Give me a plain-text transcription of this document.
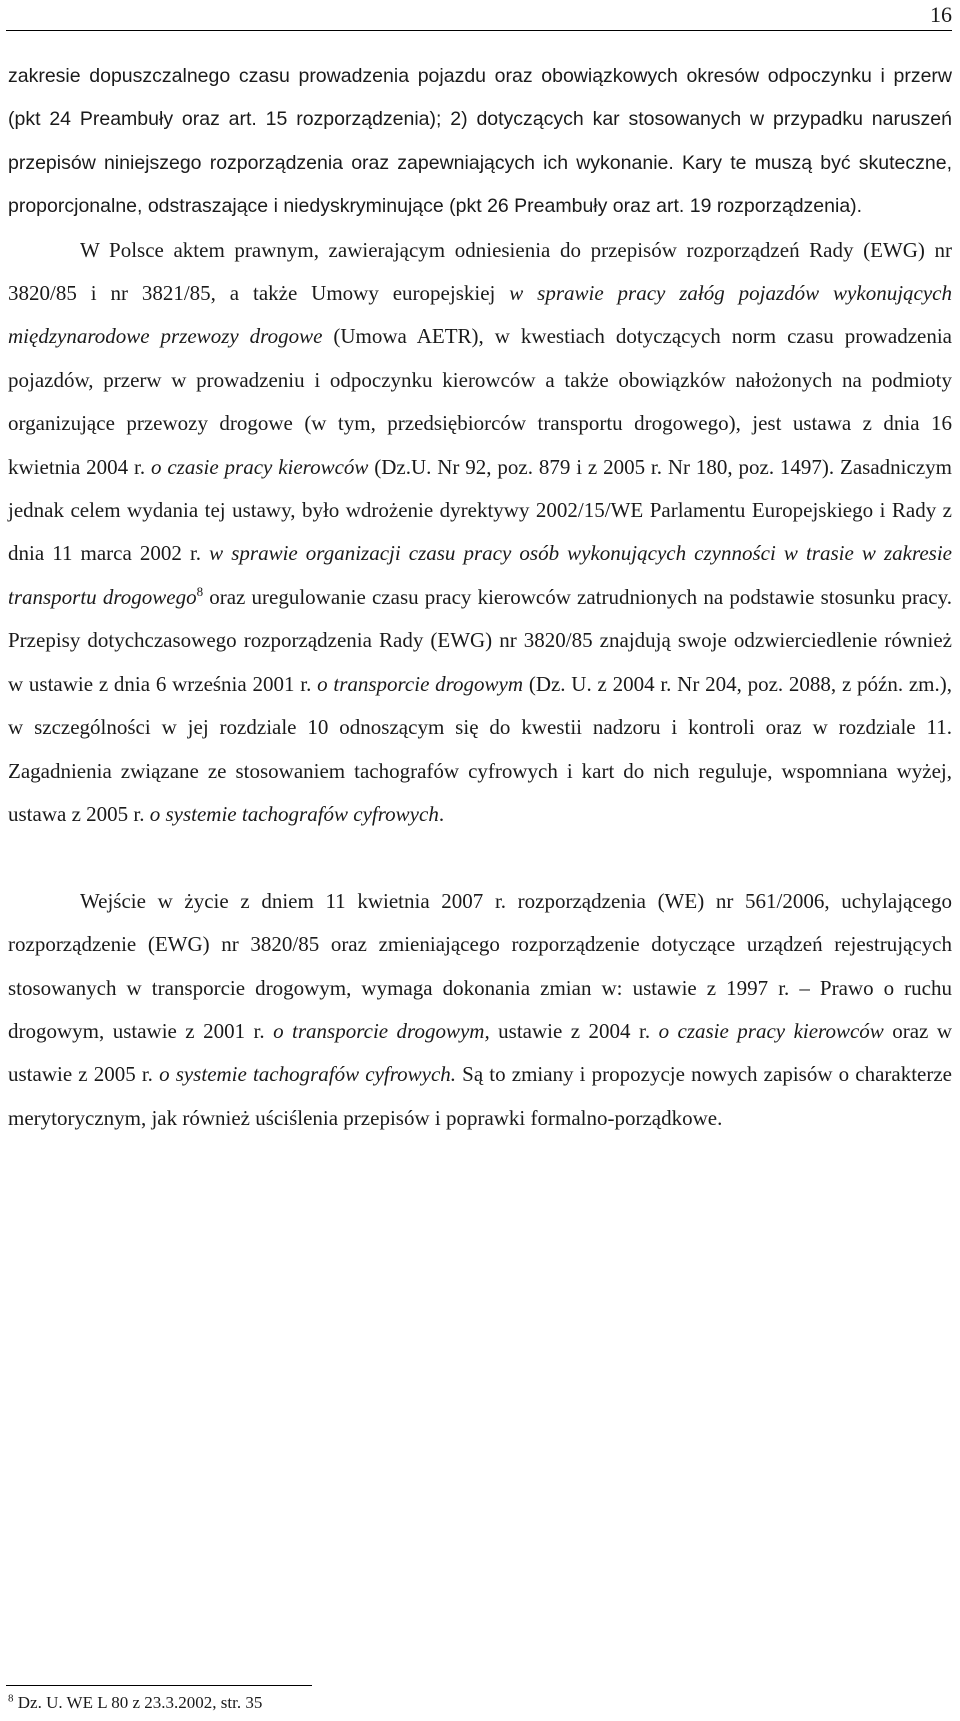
16

zakresie dopuszczalnego czasu prowadzenia pojazdu oraz obowiązkowych okresów odpoczynku i przerw (pkt 24 Preambuły oraz art. 15 rozporządzenia); 2) dotyczących kar stosowanych w przypadku naruszeń przepisów niniejszego rozporządzenia oraz zapewniających ich wykonanie. Kary te muszą być skuteczne, proporcjonalne, odstraszające i niedyskryminujące (pkt 26 Preambuły oraz art. 19 rozporządzenia).

W Polsce aktem prawnym, zawierającym odniesienia do przepisów rozporządzeń Rady (EWG) nr 3820/85 i nr 3821/85, a także Umowy europejskiej w sprawie pracy załóg pojazdów wykonujących międzynarodowe przewozy drogowe (Umowa AETR), w kwestiach dotyczących norm czasu prowadzenia pojazdów, przerw w prowadzeniu i odpoczynku kierowców a także obowiązków nałożonych na podmioty organizujące przewozy drogowe (w tym, przedsiębiorców transportu drogowego), jest ustawa z dnia 16 kwietnia 2004 r. o czasie pracy kierowców (Dz.U. Nr 92, poz. 879 i z 2005 r. Nr 180, poz. 1497). Zasadniczym jednak celem wydania tej ustawy, było wdrożenie dyrektywy 2002/15/WE Parlamentu Europejskiego i Rady z dnia 11 marca 2002 r. w sprawie organizacji czasu pracy osób wykonujących czynności w trasie w zakresie transportu drogowego$^8$ oraz uregulowanie czasu pracy kierowców zatrudnionych na podstawie stosunku pracy. Przepisy dotychczasowego rozporządzenia Rady (EWG) nr 3820/85 znajdują swoje odzwierciedlenie również w ustawie z dnia 6 września 2001 r. o transporcie drogowym (Dz. U. z 2004 r. Nr 204, poz. 2088, z późn. zm.), w szczególności w jej rozdziale 10 odnoszącym się do kwestii nadzoru i kontroli oraz w rozdziale 11. Zagadnienia związane ze stosowaniem tachografów cyfrowych i kart do nich reguluje, wspomniana wyżej, ustawa z 2005 r. o systemie tachografów cyfrowych.

Wejście w życie z dniem 11 kwietnia 2007 r. rozporządzenia (WE) nr 561/2006, uchylającego rozporządzenie (EWG) nr 3820/85 oraz zmieniającego rozporządzenie dotyczące urządzeń rejestrujących stosowanych w transporcie drogowym, wymaga dokonania zmian w: ustawie z 1997 r. – Prawo o ruchu drogowym, ustawie z 2001 r. o transporcie drogowym, ustawie z 2004 r. o czasie pracy kierowców oraz w ustawie z 2005 r. o systemie tachografów cyfrowych. Są to zmiany i propozycje nowych zapisów o charakterze merytorycznym, jak również uściślenia przepisów i poprawki formalno-porządkowe.

$^8$ Dz. U. WE L 80 z 23.3.2002, str. 35
